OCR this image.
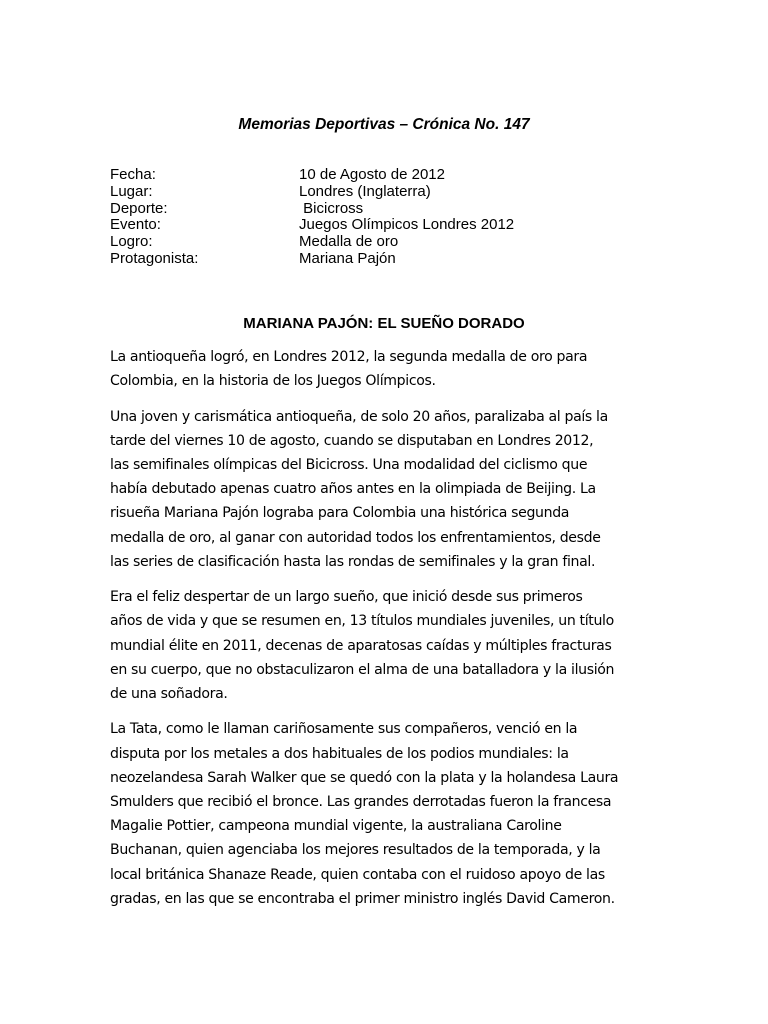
Memorias Deportivas – Crónica No. 147
Fecha:	10 de Agosto de 2012
Lugar:	Londres (Inglaterra)
Deporte:	Bicicross
Evento:	Juegos Olímpicos Londres 2012
Logro:	Medalla de oro
Protagonista:	Mariana Pajón
MARIANA PAJÓN: EL SUEÑO DORADO

La antioqueña logró, en Londres 2012, la segunda medalla de oro para
Colombia, en la historia de los Juegos Olímpicos.

Una joven y carismática antioqueña, de solo 20 años, paralizaba al país la
tarde del viernes 10 de agosto, cuando se disputaban en Londres 2012,
las semifinales olímpicas del Bicicross. Una modalidad del ciclismo que
había debutado apenas cuatro años antes en la olimpiada de Beijing. La
risueña Mariana Pajón lograba para Colombia una histórica segunda
medalla de oro, al ganar con autoridad todos los enfrentamientos, desde
las series de clasificación hasta las rondas de semifinales y la gran final.

Era el feliz despertar de un largo sueño, que inició desde sus primeros
años de vida y que se resumen en, 13 títulos mundiales juveniles, un título
mundial élite en 2011, decenas de aparatosas caídas y múltiples fracturas
en su cuerpo, que no obstaculizaron el alma de una batalladora y la ilusión
de una soñadora.

La Tata, como le llaman cariñosamente sus compañeros, venció en la
disputa por los metales a dos habituales de los podios mundiales: la
neozelandesa Sarah Walker que se quedó con la plata y la holandesa Laura
Smulders que recibió el bronce. Las grandes derrotadas fueron la francesa
Magalie Pottier, campeona mundial vigente, la australiana Caroline
Buchanan, quien agenciaba los mejores resultados de la temporada, y la
local británica Shanaze Reade, quien contaba con el ruidoso apoyo de las
gradas, en las que se encontraba el primer ministro inglés David Cameron.
